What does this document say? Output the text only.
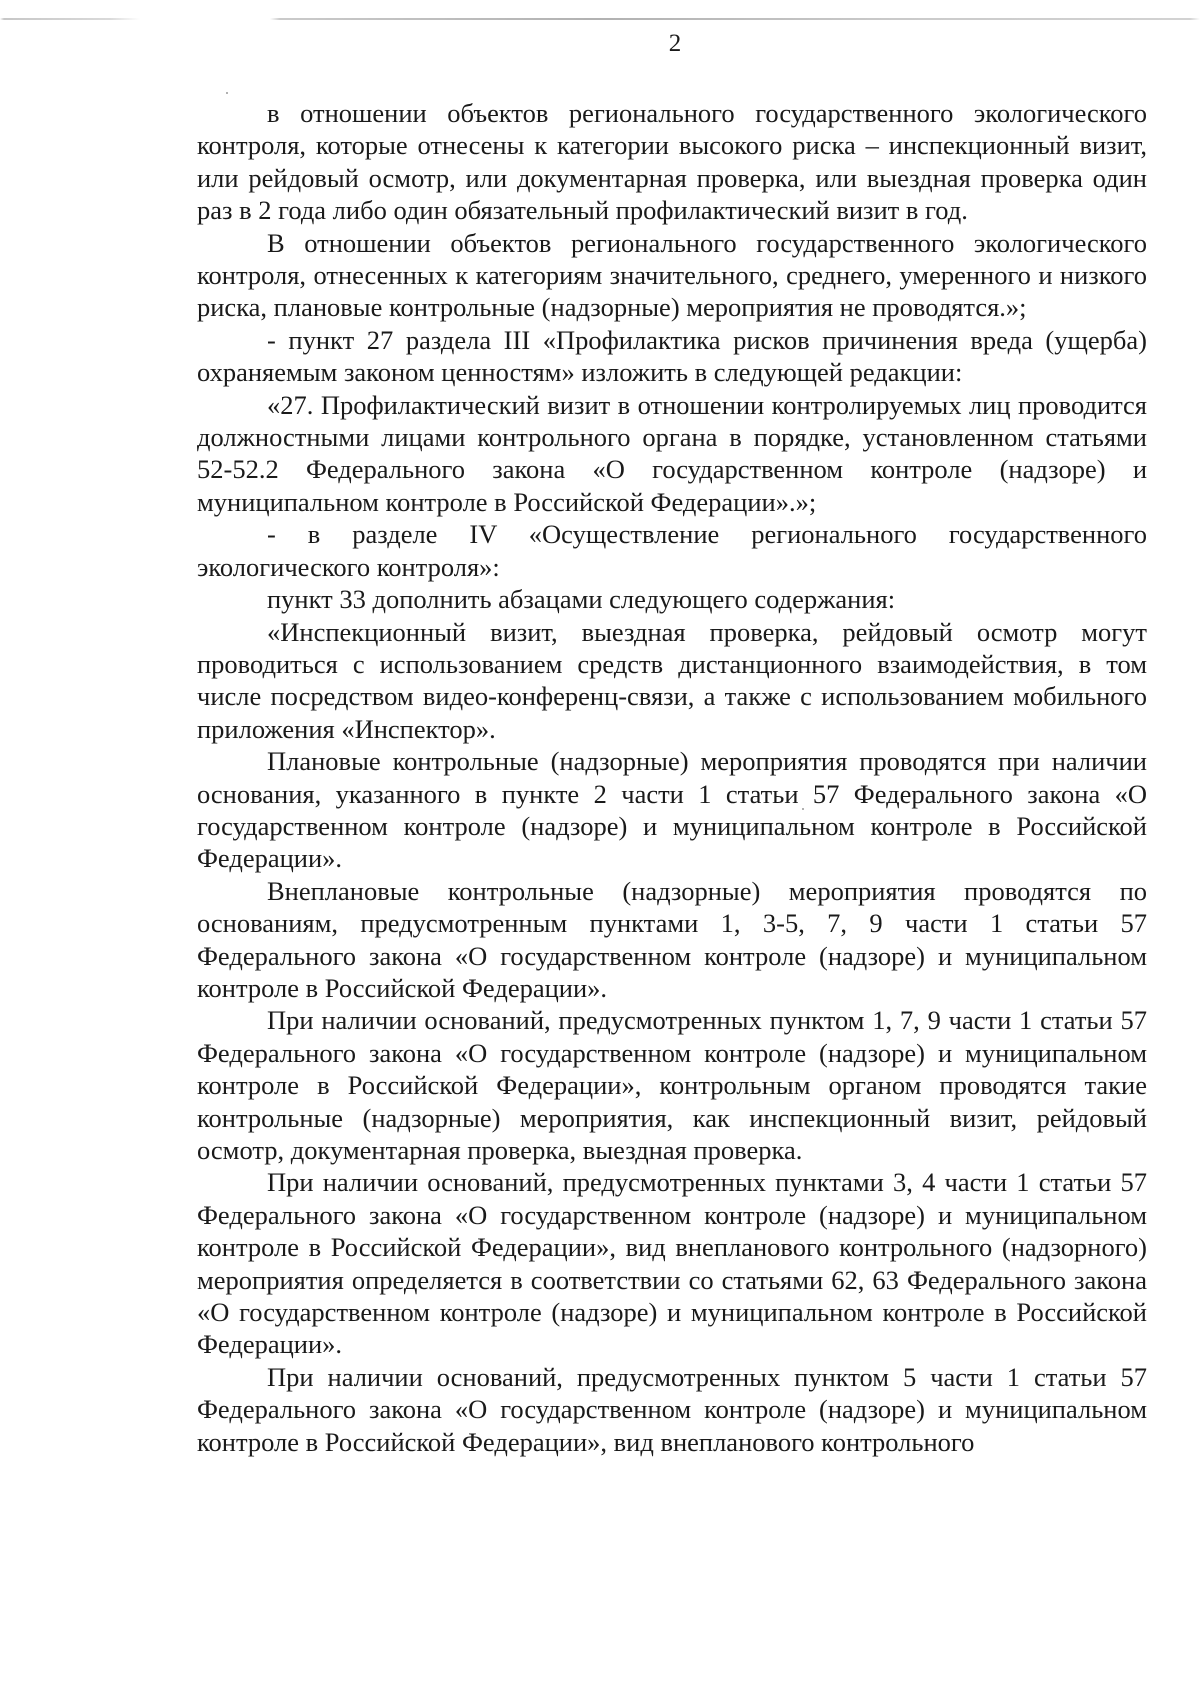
2

в отношении объектов регионального государственного экологического контроля, которые отнесены к категории высокого риска – инспекционный визит, или рейдовый осмотр, или документарная проверка, или выездная проверка один раз в 2 года либо один обязательный профилактический визит в год.

В отношении объектов регионального государственного экологического контроля, отнесенных к категориям значительного, среднего, умеренного и низкого риска, плановые контрольные (надзорные) мероприятия не проводятся.»;

- пункт 27 раздела III «Профилактика рисков причинения вреда (ущерба) охраняемым законом ценностям» изложить в следующей редакции:

«27. Профилактический визит в отношении контролируемых лиц проводится должностными лицами контрольного органа в порядке, установленном статьями 52-52.2 Федерального закона «О государственном контроле (надзоре) и муниципальном контроле в Российской Федерации».»;

- в разделе IV «Осуществление регионального государственного экологического контроля»:

пункт 33 дополнить абзацами следующего содержания:

«Инспекционный визит, выездная проверка, рейдовый осмотр могут проводиться с использованием средств дистанционного взаимодействия, в том числе посредством видео-конференц-связи, а также с использованием мобильного приложения «Инспектор».

Плановые контрольные (надзорные) мероприятия проводятся при наличии основания, указанного в пункте 2 части 1 статьи 57 Федерального закона «О государственном контроле (надзоре) и муниципальном контроле в Российской Федерации».

Внеплановые контрольные (надзорные) мероприятия проводятся по основаниям, предусмотренным пунктами 1, 3-5, 7, 9 части 1 статьи 57 Федерального закона «О государственном контроле (надзоре) и муниципальном контроле в Российской Федерации».

При наличии оснований, предусмотренных пунктом 1, 7, 9 части 1 статьи 57 Федерального закона «О государственном контроле (надзоре) и муниципальном контроле в Российской Федерации», контрольным органом проводятся такие контрольные (надзорные) мероприятия, как инспекционный визит, рейдовый осмотр, документарная проверка, выездная проверка.

При наличии оснований, предусмотренных пунктами 3, 4 части 1 статьи 57 Федерального закона «О государственном контроле (надзоре) и муниципальном контроле в Российской Федерации», вид внепланового контрольного (надзорного) мероприятия определяется в соответствии со статьями 62, 63 Федерального закона «О государственном контроле (надзоре) и муниципальном контроле в Российской Федерации».

При наличии оснований, предусмотренных пунктом 5 части 1 статьи 57 Федерального закона «О государственном контроле (надзоре) и муниципальном контроле в Российской Федерации», вид внепланового контрольного
